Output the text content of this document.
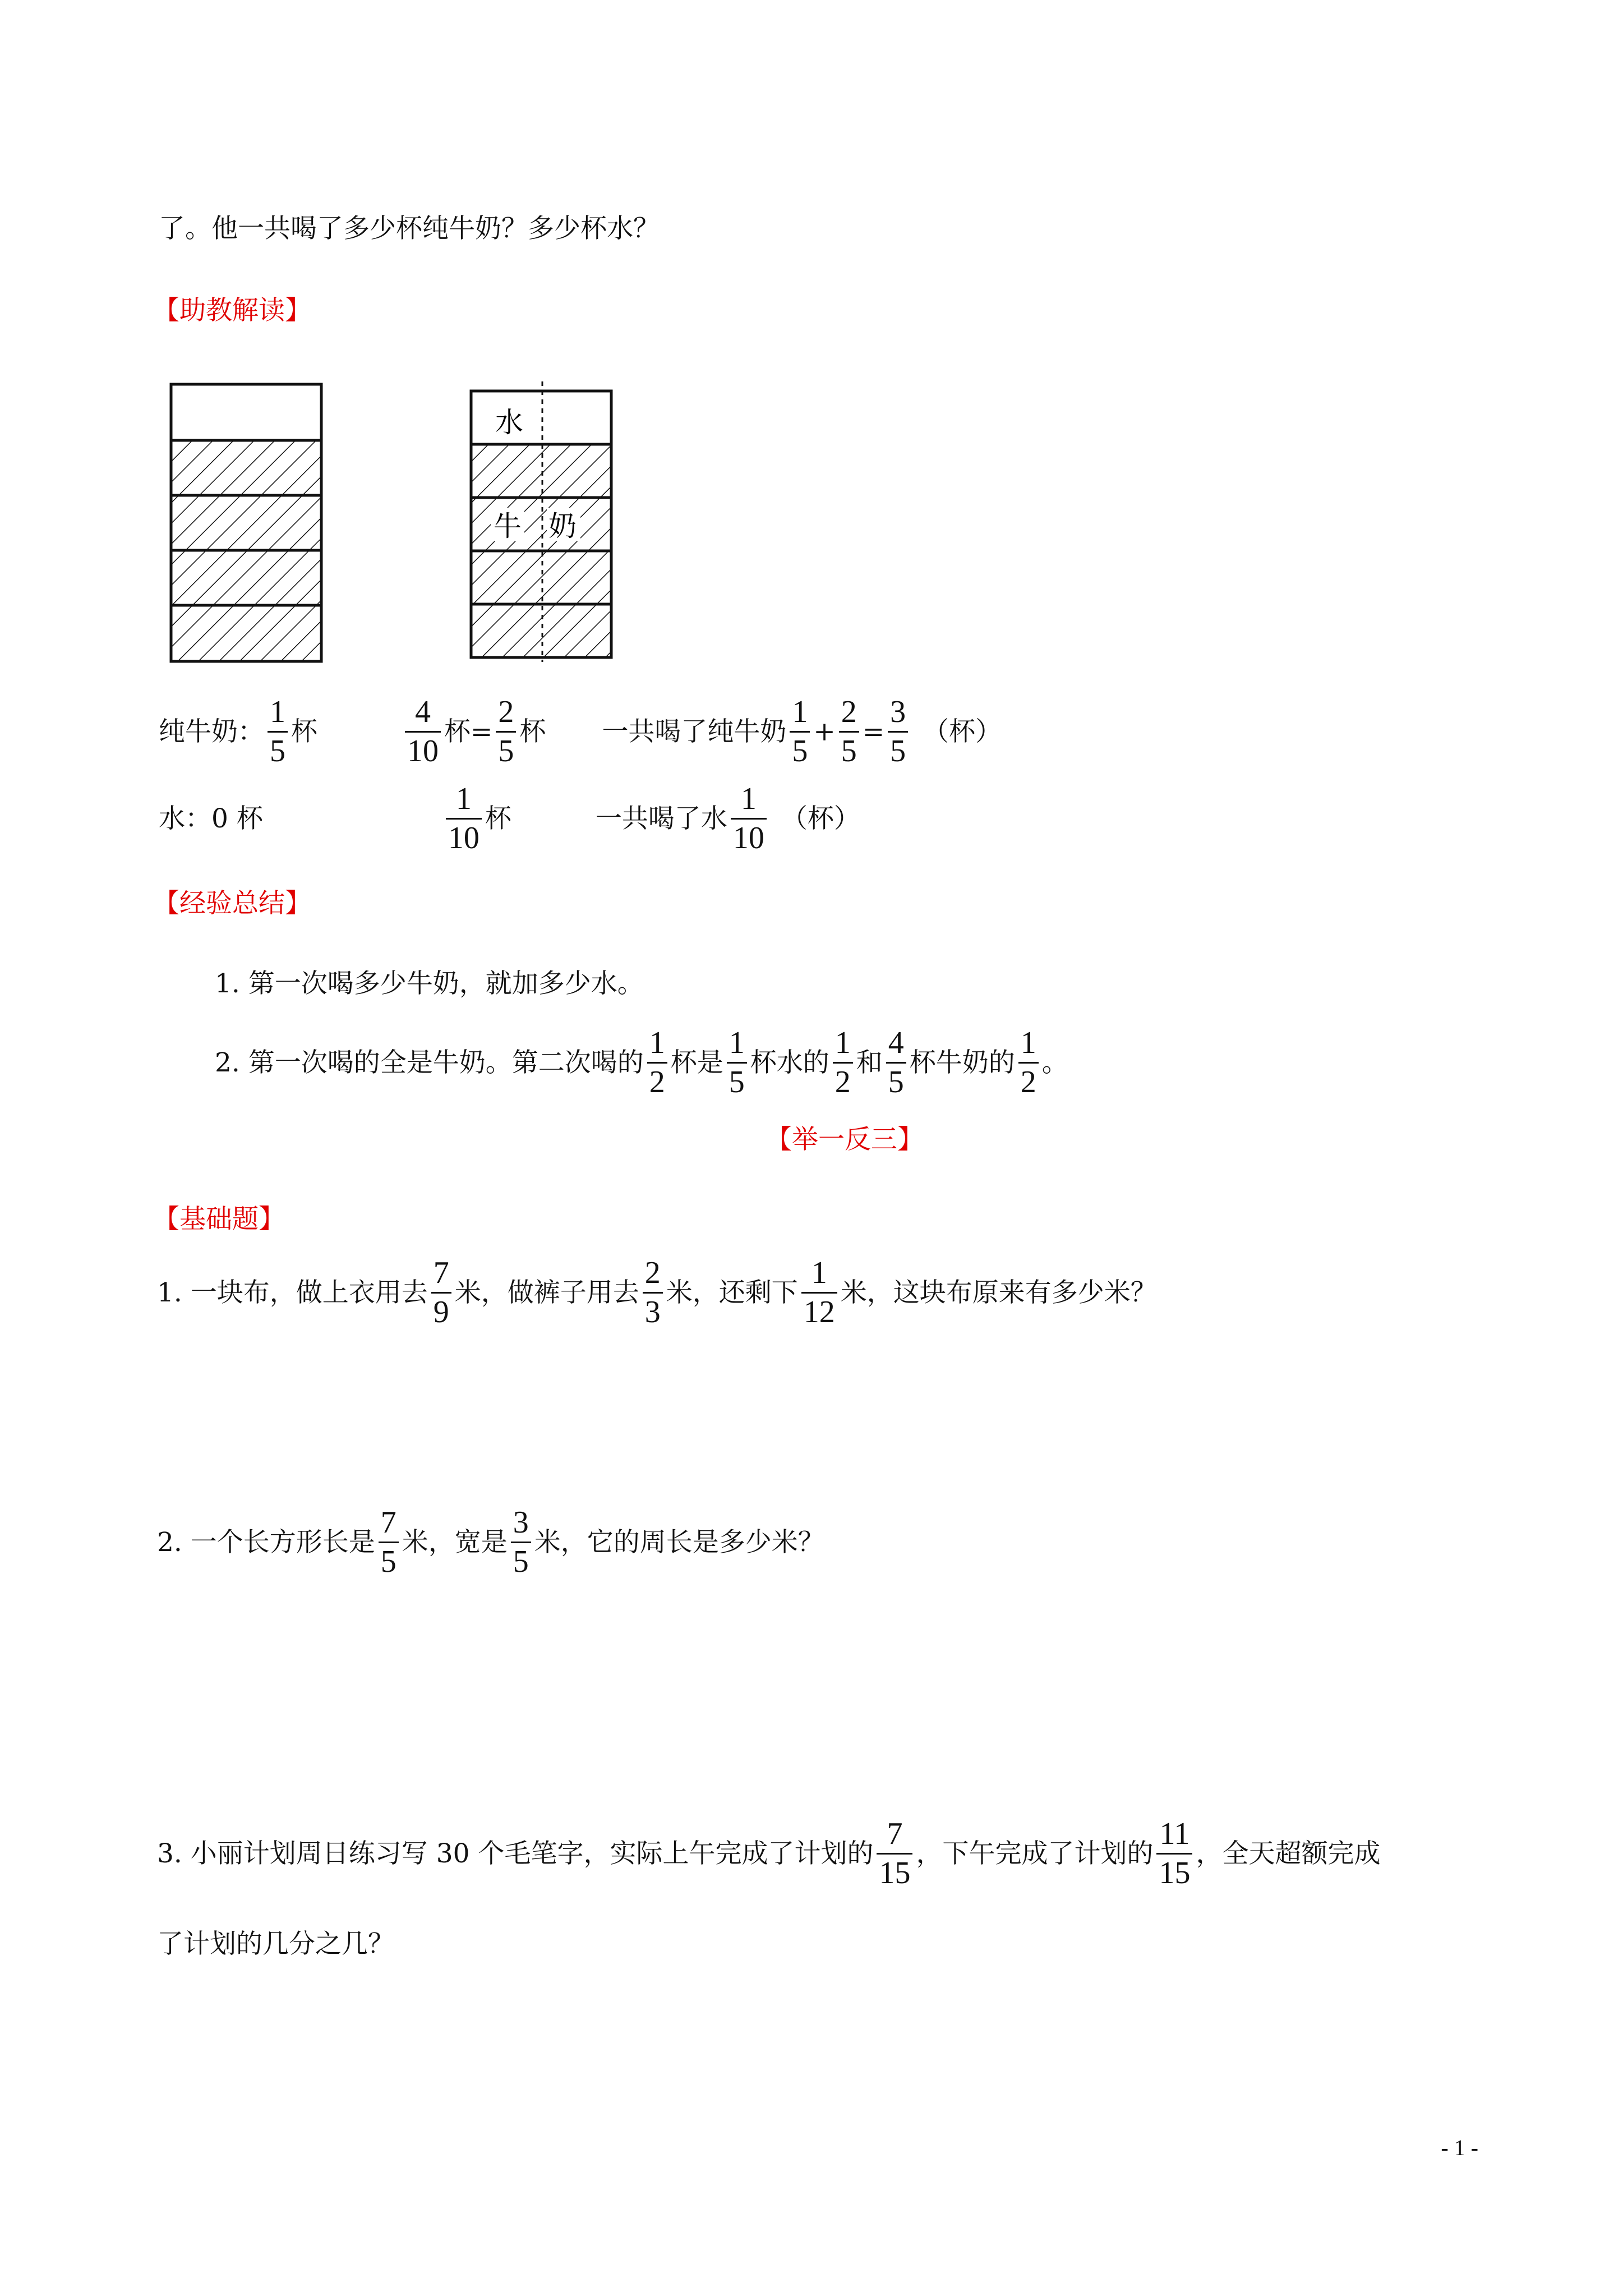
了。他一共喝了多少杯纯牛奶？多少杯水？
【助教解读】
水
牛 奶
纯牛奶： $\frac{1}{5}$ 杯	$\frac{4}{10}$ 杯= $\frac{2}{5}$ 杯 一共喝了纯牛奶 $\frac{1}{5} + \frac{2}{5} = \frac{3}{5}$ （杯）
水：0 杯	$\frac{1}{10}$ 杯	一共喝了水 $\frac{1}{10}$ （杯）
【经验总结】
1. 第一次喝多少牛奶，就加多少水。
2. 第一次喝的全是牛奶。第二次喝的 $\frac{1}{2}$ 杯是 $\frac{1}{5}$ 杯水的 $\frac{1}{2}$ 和 $\frac{4}{5}$ 杯牛奶的 $\frac{1}{2}$ 。
【举一反三】
【基础题】
1. 一块布，做上衣用去 $\frac{7}{9}$ 米，做裤子用去 $\frac{2}{3}$ 米，还剩下 $\frac{1}{12}$ 米，这块布原来有多少米？
2. 一个长方形长是 $\frac{7}{5}$ 米，宽是 $\frac{3}{5}$ 米，它的周长是多少米？
3. 小丽计划周日练习写 30 个毛笔字，实际上午完成了计划的 $\frac{7}{15}$ ，下午完成了计划的 $\frac{11}{15}$ ，全天超额完成
了计划的几分之几？
- 1 -
